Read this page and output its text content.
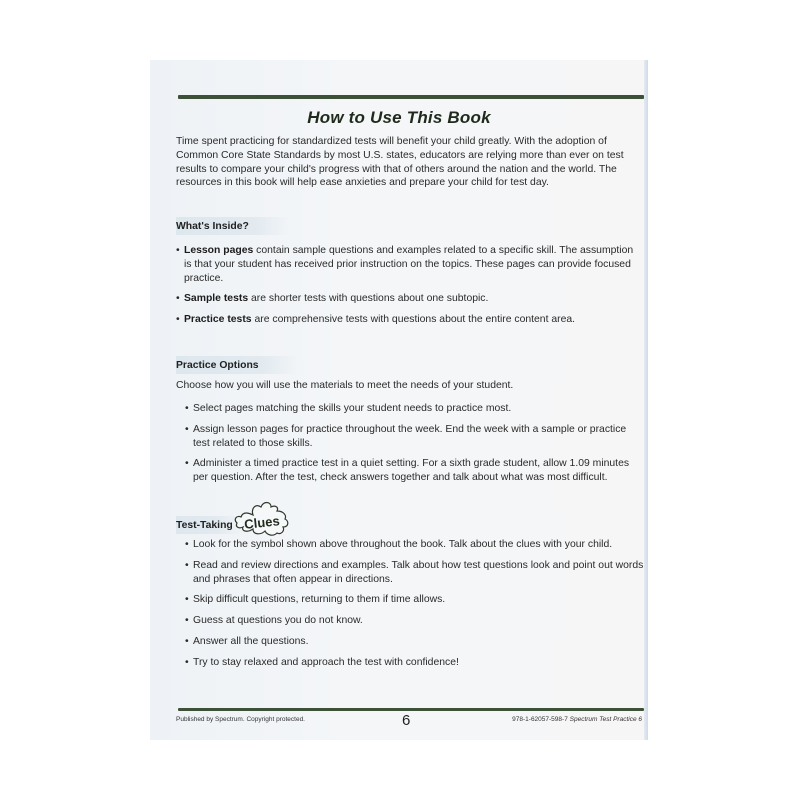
How to Use This Book

Time spent practicing for standardized tests will benefit your child greatly. With the adoption of Common Core State Standards by most U.S. states, educators are relying more than ever on test results to compare your child's progress with that of others around the nation and the world. The resources in this book will help ease anxieties and prepare your child for test day.

What's Inside?
• Lesson pages contain sample questions and examples related to a specific skill. The assumption is that your student has received prior instruction on the topics. These pages can provide focused practice.
• Sample tests are shorter tests with questions about one subtopic.
• Practice tests are comprehensive tests with questions about the entire content area.
Practice Options

Choose how you will use the materials to meet the needs of your student.

• Select pages matching the skills your student needs to practice most.
• Assign lesson pages for practice throughout the week. End the week with a sample or practice test related to those skills.
• Administer a timed practice test in a quiet setting. For a sixth grade student, allow 1.09 minutes per question. After the test, check answers together and talk about what was most difficult.
Test-Taking Clues
• Look for the symbol shown above throughout the book. Talk about the clues with your child.
• Read and review directions and examples. Talk about how test questions look and point out words and phrases that often appear in directions.
• Skip difficult questions, returning to them if time allows.
• Guess at questions you do not know.
• Answer all the questions.
• Try to stay relaxed and approach the test with confidence!
Published by Spectrum. Copyright protected.	6	978-1-62057-598-7 Spectrum Test Practice 6
